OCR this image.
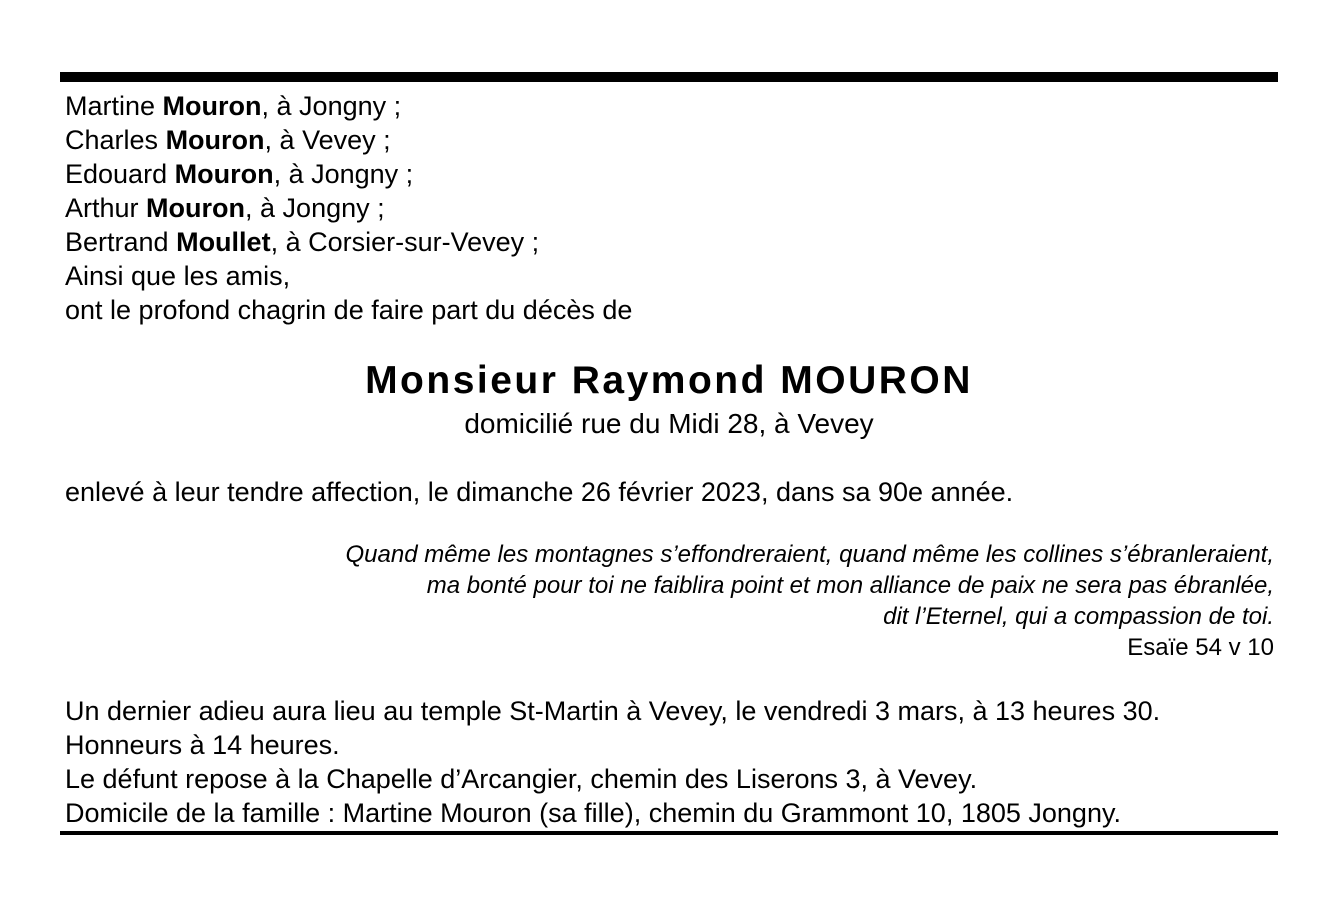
Martine Mouron, à Jongny ;
Charles Mouron, à Vevey ;
Edouard Mouron, à Jongny ;
Arthur Mouron, à Jongny ;
Bertrand Moullet, à Corsier-sur-Vevey ;
Ainsi que les amis,
ont le profond chagrin de faire part du décès de
Monsieur Raymond MOURON
domicilié rue du Midi 28, à Vevey
enlevé à leur tendre affection, le dimanche 26 février 2023, dans sa 90e année.
Quand même les montagnes s’effondreraient, quand même les collines s’ébranleraient,
ma bonté pour toi ne faiblira point et mon alliance de paix ne sera pas ébranlée,
dit l’Eternel, qui a compassion de toi.
Esaïe 54 v 10
Un dernier adieu aura lieu au temple St-Martin à Vevey, le vendredi 3 mars, à 13 heures 30.
Honneurs à 14 heures.
Le défunt repose à la Chapelle d’Arcangier, chemin des Liserons 3, à Vevey.
Domicile de la famille : Martine Mouron (sa fille), chemin du Grammont 10, 1805 Jongny.
